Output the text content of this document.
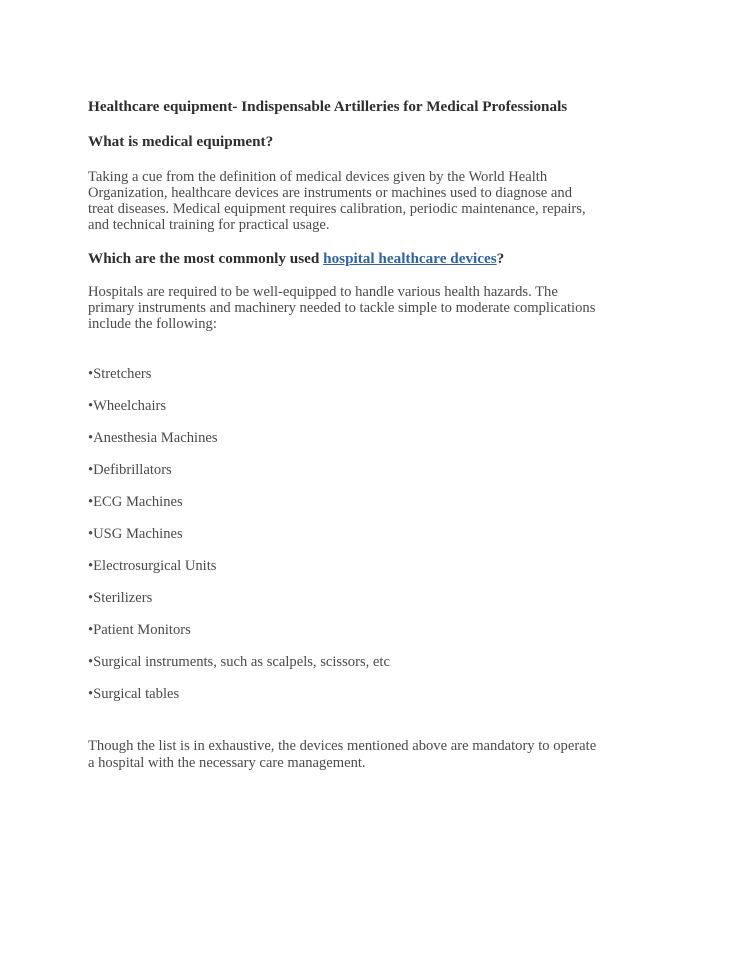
Healthcare equipment- Indispensable Artilleries for Medical Professionals
What is medical equipment?
Taking a cue from the definition of medical devices given by the World Health
Organization, healthcare devices are instruments or machines used to diagnose and
treat diseases. Medical equipment requires calibration, periodic maintenance, repairs,
and technical training for practical usage.
Which are the most commonly used hospital healthcare devices?
Hospitals are required to be well-equipped to handle various health hazards. The
primary instruments and machinery needed to tackle simple to moderate complications
include the following:
•Stretchers
•Wheelchairs
•Anesthesia Machines
•Defibrillators
•ECG Machines
•USG Machines
•Electrosurgical Units
•Sterilizers
•Patient Monitors
•Surgical instruments, such as scalpels, scissors, etc
•Surgical tables
Though the list is in exhaustive, the devices mentioned above are mandatory to operate
a hospital with the necessary care management.
